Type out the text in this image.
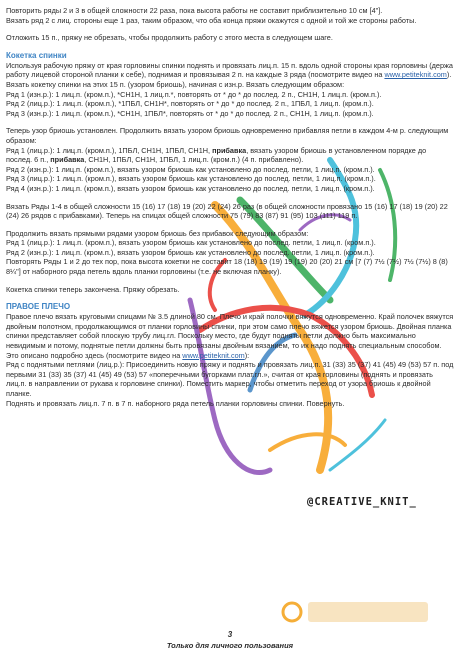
Повторить ряды 2 и 3 в общей сложности 22 раза, пока высота работы не составит приблизительно 10 см [4"].

Вязать ряд 2 с лиц. стороны еще 1 раз, таким образом, что оба конца пряжи окажутся с одной и той же стороны работы.

Отложить 15 п., пряжу не обрезать, чтобы продолжить работу с этого места в следующем шаге.

Кокетка спинки

Используя рабочую пряжу от края горловины спинки поднять и провязать лиц.п. 15 п. вдоль одной стороны края горловины (держа работу лицевой стороной планки к себе), поднимая и провязывая 2 п. на каждые 3 ряда (посмотрите видео на www.petiteknit.com). Вязать кокетку спинки на этих 15 п. (узором бриошь), начиная с изн.р. Вязать следующим образом:

Ряд 1 (изн.р.): 1 лиц.п. (кром.п.), *СН1Н, 1 лиц.п.*, повторять от * до * до послед. 2 п., СН1Н, 1 лиц.п. (кром.п.).

Ряд 2 (лиц.р.): 1 лиц.п. (кром.п.), *1ПБЛ, СН1Н*, повторять от * до * до послед. 2 п., 1ПБЛ, 1 лиц.п. (кром.п.).

Ряд 3 (изн.р.): 1 лиц.п. (кром.п.), *СН1Н, 1ПБЛ*, повторять от * до * до послед. 2 п., СН1Н, 1 лиц.п. (кром.п.).

Теперь узор бриошь установлен. Продолжить вязать узором бриошь одновременно прибавляя петли в каждом 4-м р. следующим образом:

Ряд 1 (лиц.р.): 1 лиц.п. (кром.п.), 1ПБЛ, СН1Н, 1ПБЛ, СН1Н, прибавка, вязать узором бриошь в установленном порядке до послед. 6 п., прибавка, СН1Н, 1ПБЛ, СН1Н, 1ПБЛ, 1 лиц.п. (кром.п.) (4 п. прибавлено).

Ряд 2 (изн.р.): 1 лиц.п. (кром.п.), вязать узором бриошь как установлено до послед. петли, 1 лиц.п. (кром.п.).

Ряд 3 (лиц.р.): 1 лиц.п. (кром.п.), вязать узором бриошь как установлено до послед. петли, 1 лиц.п. (кром.п.).

Ряд 4 (изн.р.): 1 лиц.п. (кром.п.), вязать узором бриошь как установлено до послед. петли, 1 лиц.п. (кром.п.).

Вязать Ряды 1-4 в общей сложности 15 (16) 17 (18) 19 (20) 22 (24) 26 раз (в общей сложности провязано 15 (16) 17 (18) 19 (20) 22 (24) 26 рядов с прибавками). Теперь на спицах общей сложности 75 (79) 83 (87) 91 (95) 103 (111) 119 п.

Продолжить вязать прямыми рядами узором бриошь без прибавок следующим образом:

Ряд 1 (лиц.р.): 1 лиц.п. (кром.п.), вязать узором бриошь как установлено до послед. петли, 1 лиц.п. (кром.п.).

Ряд 2 (изн.р.): 1 лиц.п. (кром.п.), вязать узором бриошь как установлено до послед. петли, 1 лиц.п. (кром.п.).

Повторять Ряды 1 и 2 до тех пор, пока высота кокетки не составит 18 (18) 19 (19) 19 (19) 20 (20) 21 см [7 (7) 7½ (7½) 7½ (7½) 8 (8) 8¼"] от наборного ряда петель вдоль планки горловины (т.е. не включая планку).

Кокетка спинки теперь закончена. Пряжу обрезать.

ПРАВОЕ ПЛЕЧО

Правое плечо вязать круговыми спицами № 3.5 длиной 80 см. Плечо и край полочки вяжутся одновременно. Край полочек вяжутся двойным полотном, продолжающимся от планки горловины спинки, при этом само плечо вяжется узором бриошь. Двойная планка спинки представляет собой плоскую трубу лиц.гл. Поскольку место, где будут подняты петли должно быть максимально невидимым и потому, поднятые петли должны быть провязаны двойным вязанием, то их надо поднять специальным способом. Это описано подробно здесь (посмотрите видео на www.petiteknit.com):

Ряд с поднятыми петлями (лиц.р.): Присоединить новую пряжу и поднять и провязать лиц.п. 31 (33) 35 (37) 41 (45) 49 (53) 57 п. под первыми 31 (33) 35 (37) 41 (45) 49 (53) 57 «поперечными бугорками плат.гл.», считая от края горловины (поднять и провязать лиц.п. в направлении от рукава к горловине спинки). Поместить маркер, чтобы отметить переход от узора бриошь к двойной планке.

Поднять и провязать лиц.п. 7 п. в 7 п. наборного ряда петель планки горловины спинки. Повернуть.

@CREATIVE_KNIT_
3
Только для личного пользования
